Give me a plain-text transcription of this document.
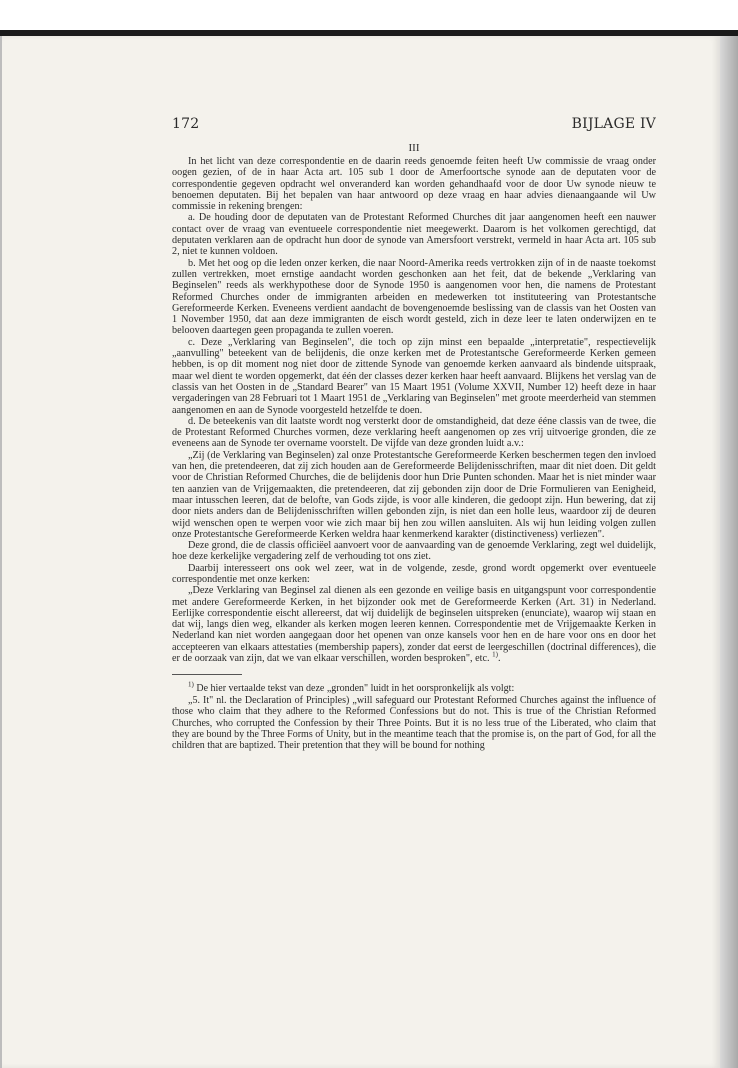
172	BIJLAGE IV
III

In het licht van deze correspondentie en de daarin reeds genoemde feiten heeft Uw commissie de vraag onder oogen gezien, of de in haar Acta art. 105 sub 1 door de Amerfoortsche synode aan de deputaten voor de correspondentie gegeven opdracht wel onveranderd kan worden gehandhaafd voor de door Uw synode nieuw te benoemen deputaten. Bij het bepalen van haar antwoord op deze vraag en haar advies dienaangaande wil Uw commissie in rekening brengen:

a. De houding door de deputaten van de Protestant Reformed Churches dit jaar aangenomen heeft een nauwer contact over de vraag van eventueele correspondentie niet meegewerkt. Daarom is het volkomen gerechtigd, dat deputaten verklaren aan de opdracht hun door de synode van Amersfoort verstrekt, vermeld in haar Acta art. 105 sub 2, niet te kunnen voldoen.

b. Met het oog op die leden onzer kerken, die naar Noord-Amerika reeds vertrokken zijn of in de naaste toekomst zullen vertrekken, moet ernstige aandacht worden geschonken aan het feit, dat de bekende „Verklaring van Beginselen" reeds als werkhypothese door de Synode 1950 is aangenomen voor hen, die namens de Protestant Reformed Churches onder de immigranten arbeiden en medewerken tot instituteering van Protestantsche Gereformeerde Kerken. Eveneens verdient aandacht de bovengenoemde beslissing van de classis van het Oosten van 1 November 1950, dat aan deze immigranten de eisch wordt gesteld, zich in deze leer te laten onderwijzen en te belooven daartegen geen propaganda te zullen voeren.

c. Deze „Verklaring van Beginselen", die toch op zijn minst een bepaalde „interpretatie", respectievelijk „aanvulling" beteekent van de belijdenis, die onze kerken met de Protestantsche Gereformeerde Kerken gemeen hebben, is op dit moment nog niet door de zittende Synode van genoemde kerken aanvaard als bindende uitspraak, maar wel dient te worden opgemerkt, dat één der classes dezer kerken haar heeft aanvaard. Blijkens het verslag van de classis van het Oosten in de „Standard Bearer" van 15 Maart 1951 (Volume XXVII, Number 12) heeft deze in haar vergaderingen van 28 Februari tot 1 Maart 1951 de „Verklaring van Beginselen" met groote meerderheid van stemmen aangenomen en aan de Synode voorgesteld hetzelfde te doen.

d. De beteekenis van dit laatste wordt nog versterkt door de omstandigheid, dat deze ééne classis van de twee, die de Protestant Reformed Churches vormen, deze verklaring heeft aangenomen op zes vrij uitvoerige gronden, die ze eveneens aan de Synode ter overname voorstelt. De vijfde van deze gronden luidt a.v.:

„Zij (de Verklaring van Beginselen) zal onze Protestantsche Gereformeerde Kerken beschermen tegen den invloed van hen, die pretendeeren, dat zij zich houden aan de Gereformeerde Belijdenisschriften, maar dit niet doen. Dit geldt voor de Christian Reformed Churches, die de belijdenis door hun Drie Punten schonden. Maar het is niet minder waar ten aanzien van de Vrijgemaakten, die pretendeeren, dat zij gebonden zijn door de Drie Formulieren van Eenigheid, maar intusschen leeren, dat de belofte, van Gods zijde, is voor alle kinderen, die gedoopt zijn. Hun bewering, dat zij door niets anders dan de Belijdenisschriften willen gebonden zijn, is niet dan een holle leus, waardoor zij de deuren wijd wenschen open te werpen voor wie zich maar bij hen zou willen aansluiten. Als wij hun leiding volgen zullen onze Protestantsche Gereformeerde Kerken weldra haar kenmerkend karakter (distinctiveness) verliezen".

Deze grond, die de classis officiëel aanvoert voor de aanvaarding van de genoemde Verklaring, zegt wel duidelijk, hoe deze kerkelijke vergadering zelf de verhouding tot ons ziet.

Daarbij interesseert ons ook wel zeer, wat in de volgende, zesde, grond wordt opgemerkt over eventueele correspondentie met onze kerken:

„Deze Verklaring van Beginsel zal dienen als een gezonde en veilige basis en uitgangspunt voor correspondentie met andere Gereformeerde Kerken, in het bijzonder ook met de Gereformeerde Kerken (Art. 31) in Nederland. Eerlijke correspondentie eischt allereerst, dat wij duidelijk de beginselen uitspreken (enunciate), waarop wij staan en dat wij, langs dien weg, elkander als kerken mogen leeren kennen. Correspondentie met de Vrijgemaakte Kerken in Nederland kan niet worden aangegaan door het openen van onze kansels voor hen en de hare voor ons en door het accepteeren van elkaars attestaties (membership papers), zonder dat eerst de leergeschillen (doctrinal differences), die er de oorzaak van zijn, dat we van elkaar verschillen, worden besproken", etc. $^{1)}$.

$^{1)}$ De hier vertaalde tekst van deze „gronden" luidt in het oorspronkelijk als volgt:

„5. It" nl. the Declaration of Principles) „will safeguard our Protestant Reformed Churches against the influence of those who claim that they adhere to the Reformed Confessions but do not. This is true of the Christian Reformed Churches, who corrupted the Confession by their Three Points. But it is no less true of the Liberated, who claim that they are bound by the Three Forms of Unity, but in the meantime teach that the promise is, on the part of God, for all the children that are baptized. Their pretention that they will be bound for nothing
